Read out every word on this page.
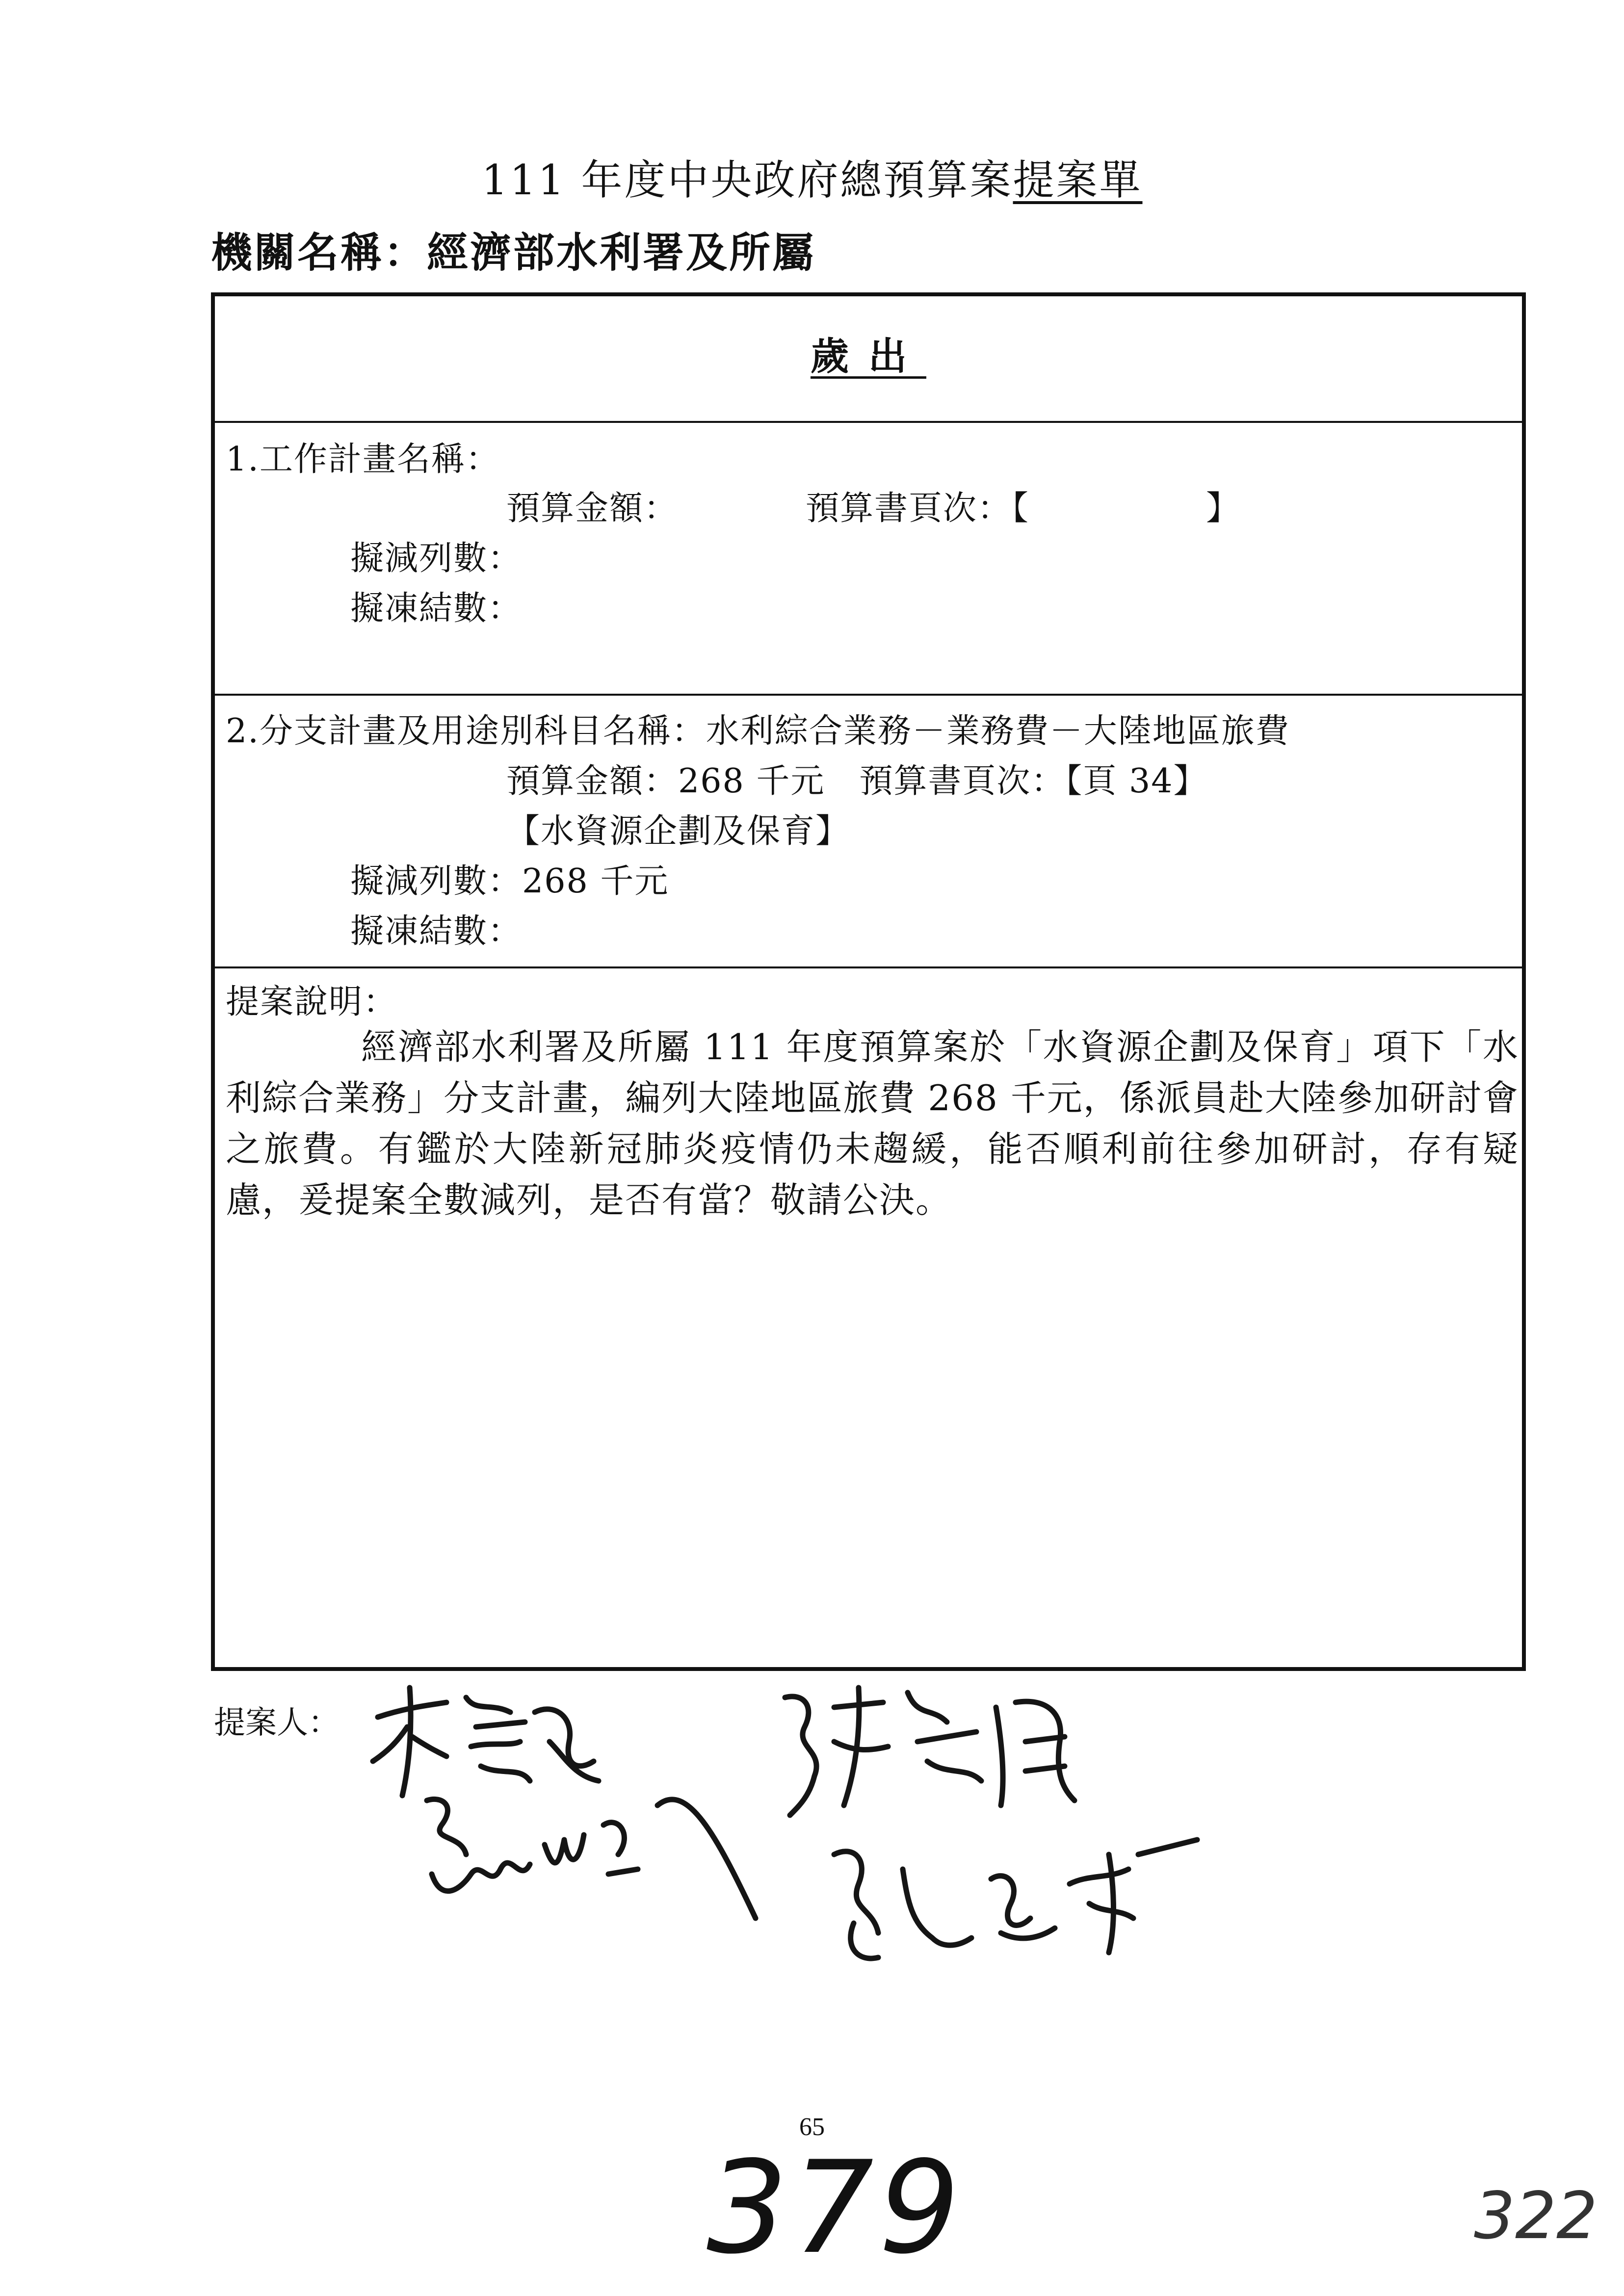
111 年度中央政府總預算案提案單
機關名稱：經濟部水利署及所屬
歲出
1.工作計畫名稱：
預算金額：	預算書頁次：【	】
擬減列數：
擬凍結數：
2.分支計畫及用途別科目名稱：水利綜合業務－業務費－大陸地區旅費
預算金額：268 千元　預算書頁次：【頁 34】
【水資源企劃及保育】
擬減列數：268 千元
擬凍結數：
提案說明：
經濟部水利署及所屬 111 年度預算案於「水資源企劃及保育」項下「水利綜合業務」分支計畫，編列大陸地區旅費 268 千元，係派員赴大陸參加研討會之旅費。有鑑於大陸新冠肺炎疫情仍未趨緩，能否順利前往參加研討，存有疑慮，爰提案全數減列，是否有當？敬請公決。
提案人：
65
379	322
